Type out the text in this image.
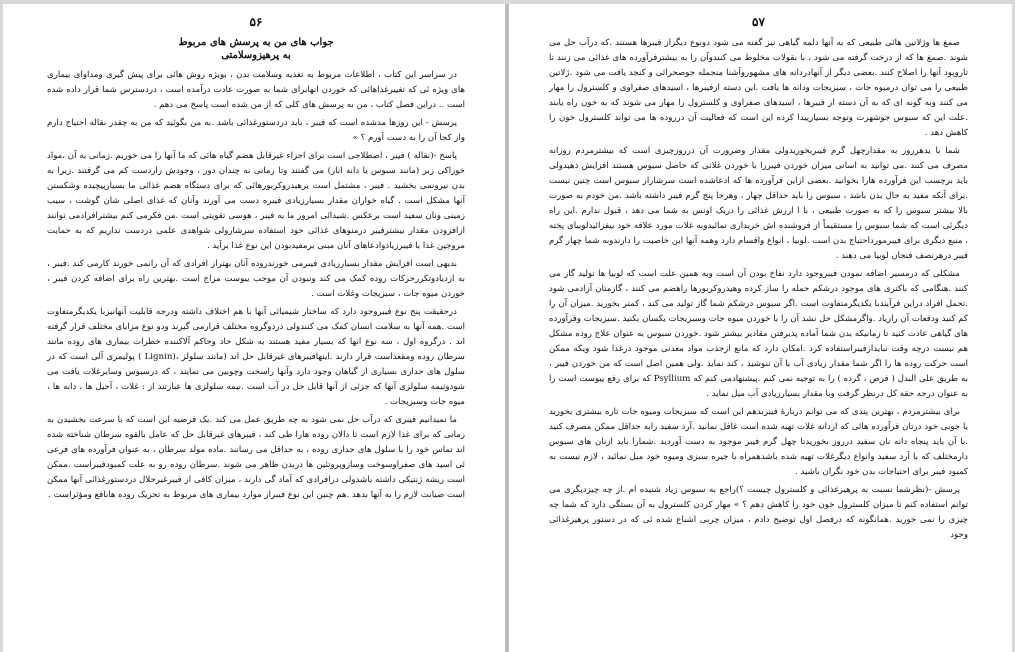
۵۶
جواب های من به پرسش های مربوط
به پرهیزوسلامتی

در سراسر این کتاب ، اطلاعات مربوط به تغذیه وسلامت بدن ، بویژه روش هائی برای پیش گیری ومداوای بیماری های ویژه ئی که تغییرغذاهائی که خوردن انهابرای شما به صورت عادت درآمده است ، دردسترس شما قرار داده شده است .. دراین فصل کتاب ، من به پرسش های کلی که از من شده است پاسخ می دهم .

پرسش - این روزها مدشده است که فیبر ، باید دردستورغذائی باشد .به من بگوئید که من به چقدر نقاله احتیاج دارم واز کجا آن را به دست آورم ؟ »

پاسخ -(نقاله ) فیبر ، اصطلاحی است برای اجزاء غیرقابل هضم گیاه هائی که ما آنها را می خوریم .زمانی به آن ،مواد خوراکی زبر (مانند سبوس یا دانه انار) می گفتند وتا زمانی نه چندان دور ، وجودش راردست کم می گرفتند .زیرا به بدن نیرونمی بخشید . فیبر ، مشتمل است برهیدروکربورهائی که برای دستگاه هضم غذائی ما بسیارپیچیده وشکستن آنها مشکل است . گیاه خواران مقدار بسیارزیادی فیبره دست می آورند وآنان که غذای اصلی شان گوشت ، سیب زمینی ونان سفید است برعکس .شیدائی امروز ما به فیبر ، هوسی تقویتی است .من فکرمی کنم بیشترافرادمی توانند ازافزودن مقدار بیشترفیبر درمنوهای غذائی خود استفاده سرشارولی شواهدی علمی دردست نداریم که به حمایت مروجین غذا با فیبرزیادوادعاهای آنان مبنی برمفیدبودن این نوع غذا برآید .

بدیهی است افزایش مقدار بسیارزیادی فیبرمی خورندروده آنان بهتراز افرادی که آن رانمی خورند کارمی کند .فیبر ، به ازدیادوتکررحرکات روده کمک می کند وتبودن آن موجب یبوست مزاج است .بهترین راه برای اضافه کردن فیبر ، خوردن میوه جات ، سبزیجات وغلات است .

درحقیقت پنج نوع فیبروجود دارد که ساختار شیمیائی آنها با هم اختلاف داشته ودرجه قابلیت آنهانیزبا یکدیگرمتفاوت است .همه آنها به سلامت انسان کمک می کنندولی دردوگروه مختلف قرارمی گیرند ودو نوع مزایای مختلف قرار گرفته اند . درگروه اول ، سه نوع انها که بسیار مفید هستند به شکل حاد وحاکم آلاکننده خطرات بیماری های روده مانند سرطان روده ومقعداست قرار دارند .اینهافیبرهای غیرقابل حل اند (مانند سلولز ،(Lignin ) پولیمری آلی است که در سلول های جداری بسیاری از گیاهان وجود دارد وآنها راسخت وچوبین می نمایند ، که درسبوس وسایرغلات یافت می شودونیمه سلولزی آنها که جزئی از آنها قابل حل در آب است .نیمه سلولزی ها عبارتند از : غلات ، آجیل ها ، دانه ها ، میوه جات وسبزیجات .

ما نمیدانیم فیبری که درآب حل نمی شود به چه طریق عمل می کند .یک فرضیه این است که با سرعت بخشیدن به زمانی که برای غذا لازم است تا دالان روده هارا طی کند ، فیبرهای غیرقابل حل که عامل بالقوه سرطان شناخته شده اند تماس خود را با سلول های جداری روده ، به حداقل می رسانند .ماده مولد سرطان ، به عنوان فرآورده های فرعی ئی اسید های صفراوسوخت وسازوپروتئین ها دربدن ظاهر می شوند .سرطان روده رو به علت کمبودفیبراست .ممکن است ریشه ژنتیکی داشته باشدولی درافرادی که آماد گی دارند ، میزان کافی از فیبرغیرحلال دردستورغذائی آنها ممکن است صیانت لازم را به آنها بدهد .هم چنین این نوع فیبراز موارد بیماری های مربوط به تحریک روده هانافع ومؤثراست .

۵۷

صمغ ها وژلاتین هائی طبیعی که به آنها دلمه گیاهی نیز گفته می شود دونوع دیگراز فیبرها هستند .که درآب حل می شوند .صمغ ها که از درخت گرفته می شود ، با بقولات مخلوط می کنندوآن را به بیشترفرآورده های غذائی می زنند تا تاروپود آنها را اصلاح کنند .بعضی دیگر از آنهادردانه های مشهوروآشنا منجمله جوصحرائی و کنجد یافت می شود .ژلاتین طبیعی را می توان درمیوه جات ، سبزیجات ودانه ها یافت .این دسته ازفیبرها ، اسیدهای صفراوی و کلسترول را مهار می کنند وبه گونه ای که به آن دسته از فیبرها ، اسیدهای صفراوی و کلسترول را مهار می شوند که به خون راه یابند .علت این که سبوس جوشهرت وتوجه بسیارپیدا کرده این است که فعالیت آن درروده ها می تواند کلسترول خون را کاهش دهد .

شما با یدهرروز به مقدارچهل گرم فیبربخوریدولی مقدار وضرورت آن درروزچیزی است که بیشترمردم روزانه مصرف می کنند .می توانید به اسانی میزان خوردن فیبررا با خوردن غلاتی که حاصل سبوس هستند افزایش دهیدولی باید برچسب این فرآورده هارا بخوانید .بعضی ازاین فرآورده ها که ادعاشده است سرشاراز سبوس است چنین نیست .برای آنکه مفید به حال بدن باشد ، سبوس را باید حداقل چهار ، وهرجا پنج گرم فیبر داشته باشد .من خودم به صورت بالا بیشتر سبوس را که به صورت طبیعی ، با ا ارزش غذائی را دریک اونس به شما می دهد ، قبول ندارم .این راه دیگرئی است که شما سبوس را مستقیماً از فروشنده اش خریداری نمائیدوبه غلات مورد علاقه خود بیفزائیدلوبیای پخته ، منبع دیگری برای فیبرمورداحتیاج بدن است .لوبیا ، انواع واقسام دارد وهمه آنها این خاصیت را دارندوبه شما چهار گرم فیبر درهرنصف فنجان لوبیا می دهند .

مشکلی که درمسیر اضافه نمودن فیبروجود دارد نفاخ بودن آن است وبه همین علت است که لوبیا ها تولید گاز می کنند .هنگامی که باکتری های موجود درشکم حمله را ساز کرده وهیدروکربورها راهضم می کنند ، گازمتان آزادمی شود .تحمل افراد دراین فرآیندبا یکدیگرمتفاوت است .اگر سبوس درشکم شما گاز تولید می کند ، کمتر بخورید .میزان آن را کم کنید ودفعات آن رازیاد .واگرمشکل حل نشد آن را با خوردن میوه جات وسبزیجات یکسان بکنید .سبزیجات وفرآورده های گیاهی عادت کنید تا زمانیکه بدن شما آماده پذیرفتن مقادیر بیشتر شود .خوردن سبوس به عنوان علاج روده مشکل هم نیست درچه وقت نبایدازفیبراستفاده کرد .امکان دارد که مانع ازجذب مواد معدنی موجود درغذا شود ویکه ممکن است حرکت روده ها را اگر شما مقدار زیادی آب با آن ننوشید ، کند نماید .ولی همین اصل است که من خوردن فیبر ، به طریق علی البدل ( فرص ، گرده ) را به توجیه نمی کنم .پیشنهادمی کنم که Psyllium که برای رفع یبوست است را به عنوان درجه حقه کل درنظر گرفت وبا مقدار بسیارزیادی آب میل نماید .

برای بیشترمردم ، بهترین پندی که می توانم دربارۀ فیبربدهم این است که سبزیجات ومیوه جات تازه بیشتری بخورید یا جوبی خود درتان فرآورده هائی که ازدانه غلات تهیه شده است غافل نمانید .آرد سفید رابه حداقل ممکن مصرف کنید .با آن باید پنجاه دانه نان سفید درروز بخوریدتا چهل گرم فیبر موجود به دست آوردید .شمارا باید ازنان های سبوس دارمختلف که با آرد سفید وانواع دیگرغلات تهیه شده باشدهمراه با جیره سبزی ومیوه خود میل نمائید ، لازم نیست به کمبود فیبر برای احتیاجات بدن خود نگران باشید .

پرسش -(نظرشما نسبت به پرهیزغذائی و کلسترول چیست ؟)راجع به سبوس زیاد شنیده ام .از چه چیزدیگری می توانم استفاده کنم تا میزان کلسترول خون خود را کاهش دهم ؟ » مهار کردن کلسترول به آن بستگی دارد که شما چه چیزی را نمی خورید .همانگونه که درفصل اول توضیح دادم ، میزان چربی اشباع شده ئی که در دستور پرهیزغذائی وجود
